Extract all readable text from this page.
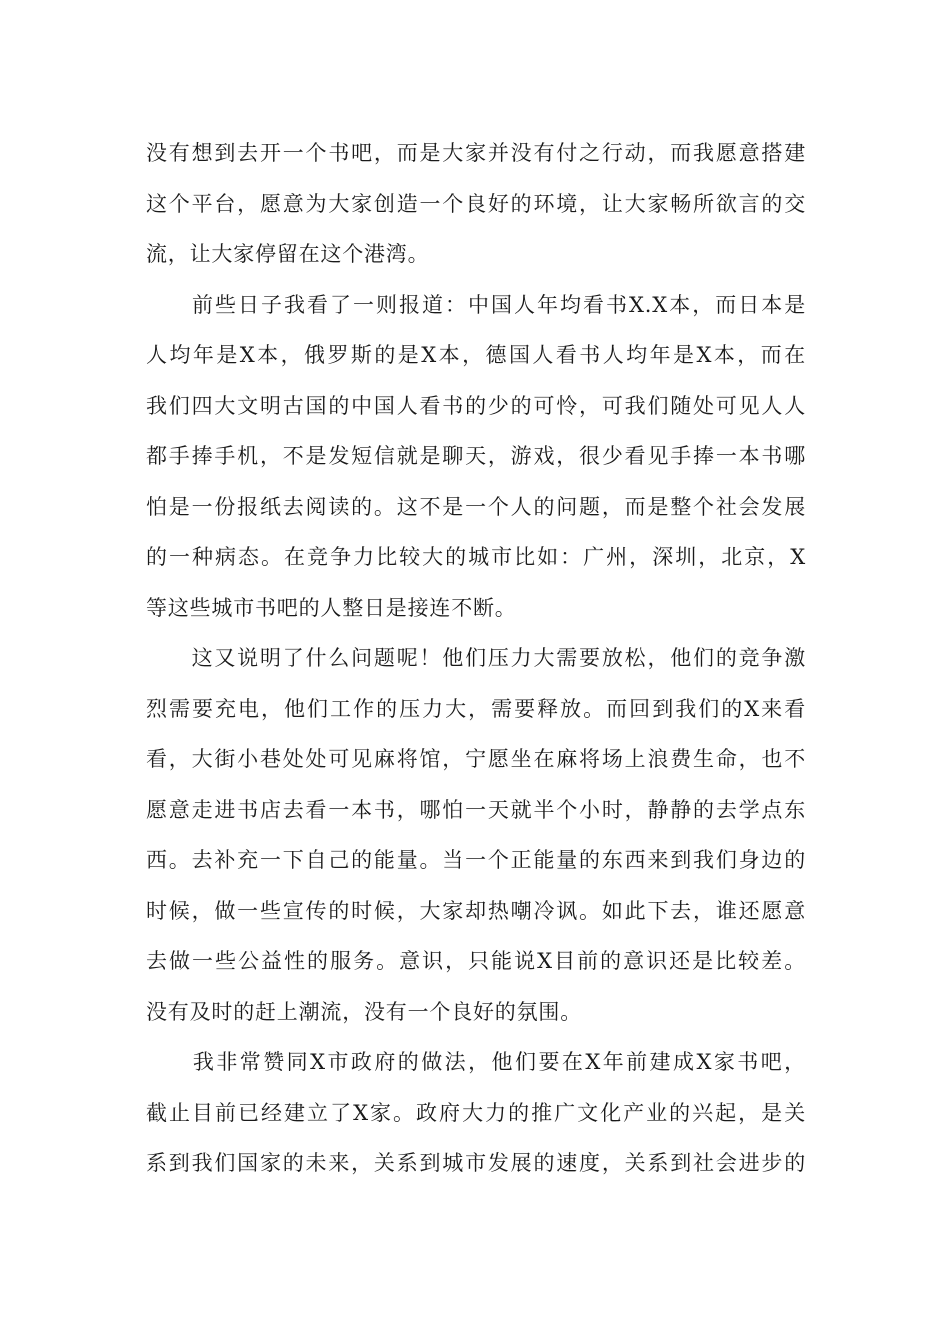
没有想到去开一个书吧，而是大家并没有付之行动，而我愿意搭建
这个平台，愿意为大家创造一个良好的环境，让大家畅所欲言的交
流，让大家停留在这个港湾。
　　前些日子我看了一则报道：中国人年均看书X.X本，而日本是
人均年是X本，俄罗斯的是X本，德国人看书人均年是X本，而在
我们四大文明古国的中国人看书的少的可怜，可我们随处可见人人
都手捧手机，不是发短信就是聊天，游戏，很少看见手捧一本书哪
怕是一份报纸去阅读的。这不是一个人的问题，而是整个社会发展
的一种病态。在竞争力比较大的城市比如：广州，深圳，北京，X
等这些城市书吧的人整日是接连不断。
　　这又说明了什么问题呢！他们压力大需要放松，他们的竞争激
烈需要充电，他们工作的压力大，需要释放。而回到我们的X来看
看，大街小巷处处可见麻将馆，宁愿坐在麻将场上浪费生命，也不
愿意走进书店去看一本书，哪怕一天就半个小时，静静的去学点东
西。去补充一下自己的能量。当一个正能量的东西来到我们身边的
时候，做一些宣传的时候，大家却热嘲冷讽。如此下去，谁还愿意
去做一些公益性的服务。意识，只能说X目前的意识还是比较差。
没有及时的赶上潮流，没有一个良好的氛围。
　　我非常赞同X市政府的做法，他们要在X年前建成X家书吧，
截止目前已经建立了X家。政府大力的推广文化产业的兴起，是关
系到我们国家的未来，关系到城市发展的速度，关系到社会进步的
